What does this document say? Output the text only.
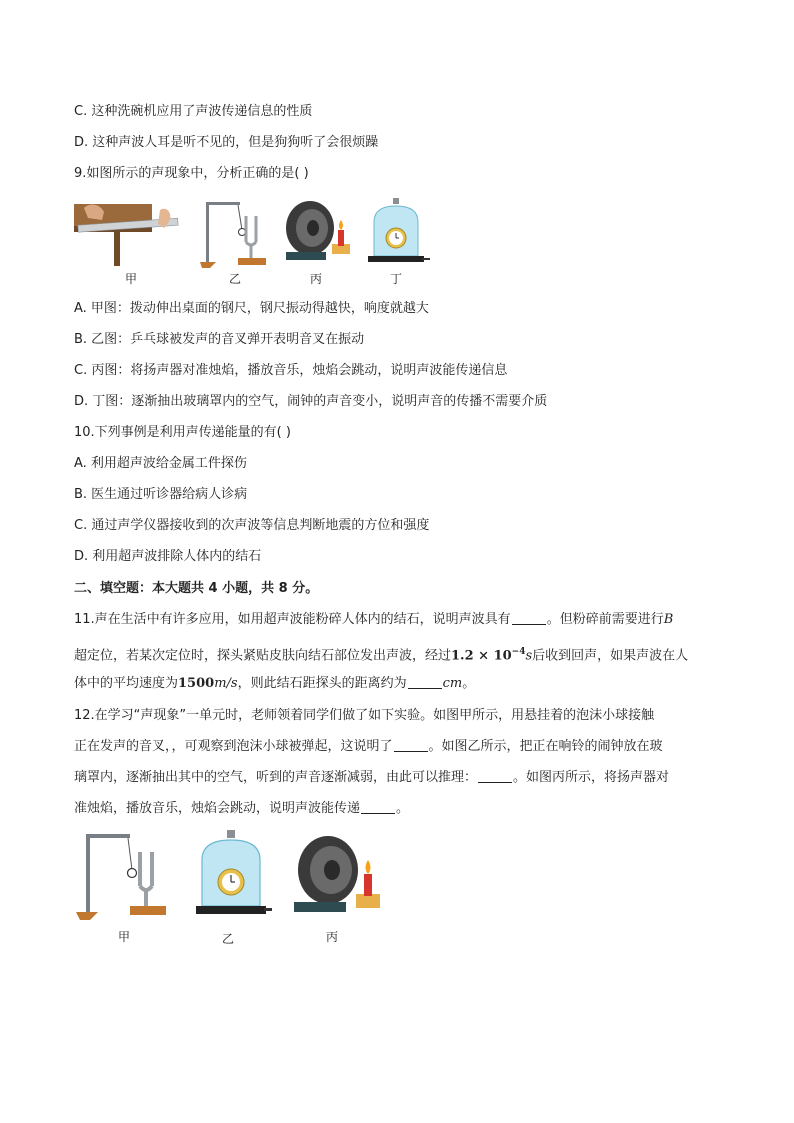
C. 这种洗碗机应用了声波传递信息的性质
D. 这种声波人耳是听不见的，但是狗狗听了会很烦躁
9.如图所示的声现象中，分析正确的是( )
甲	乙	丙	丁
A. 甲图：拨动伸出桌面的钢尺，钢尺振动得越快，响度就越大
B. 乙图：乒乓球被发声的音叉弹开表明音叉在振动
C. 丙图：将扬声器对准烛焰，播放音乐，烛焰会跳动，说明声波能传递信息
D. 丁图：逐渐抽出玻璃罩内的空气，闹钟的声音变小，说明声音的传播不需要介质
10.下列事例是利用声传递能量的有( )
A. 利用超声波给金属工件探伤
B. 医生通过听诊器给病人诊病
C. 通过声学仪器接收到的次声波等信息判断地震的方位和强度
D. 利用超声波排除人体内的结石
二、填空题：本大题共 4 小题，共 8 分。
11.声在生活中有许多应用，如用超声波能粉碎人体内的结石，说明声波具有	。但粉碎前需要进行B
超定位，若某次定位时，探头紧贴皮肤向结石部位发出声波，经过$1.2 \times 10^{-4}s$后收到回声，如果声波在人
体中的平均速度为1500m/s，则此结石距探头的距离约为	cm。
12.在学习“声现象”一单元时，老师领着同学们做了如下实验。如图甲所示，用悬挂着的泡沫小球接触
正在发声的音叉，，可观察到泡沫小球被弹起，这说明了	。如图乙所示，把正在响铃的闹钟放在玻
璃罩内，逐渐抽出其中的空气，听到的声音逐渐减弱，由此可以推理：	。如图丙所示，将扬声器对
准烛焰，播放音乐，烛焰会跳动，说明声波能传递	。
甲	乙	丙
